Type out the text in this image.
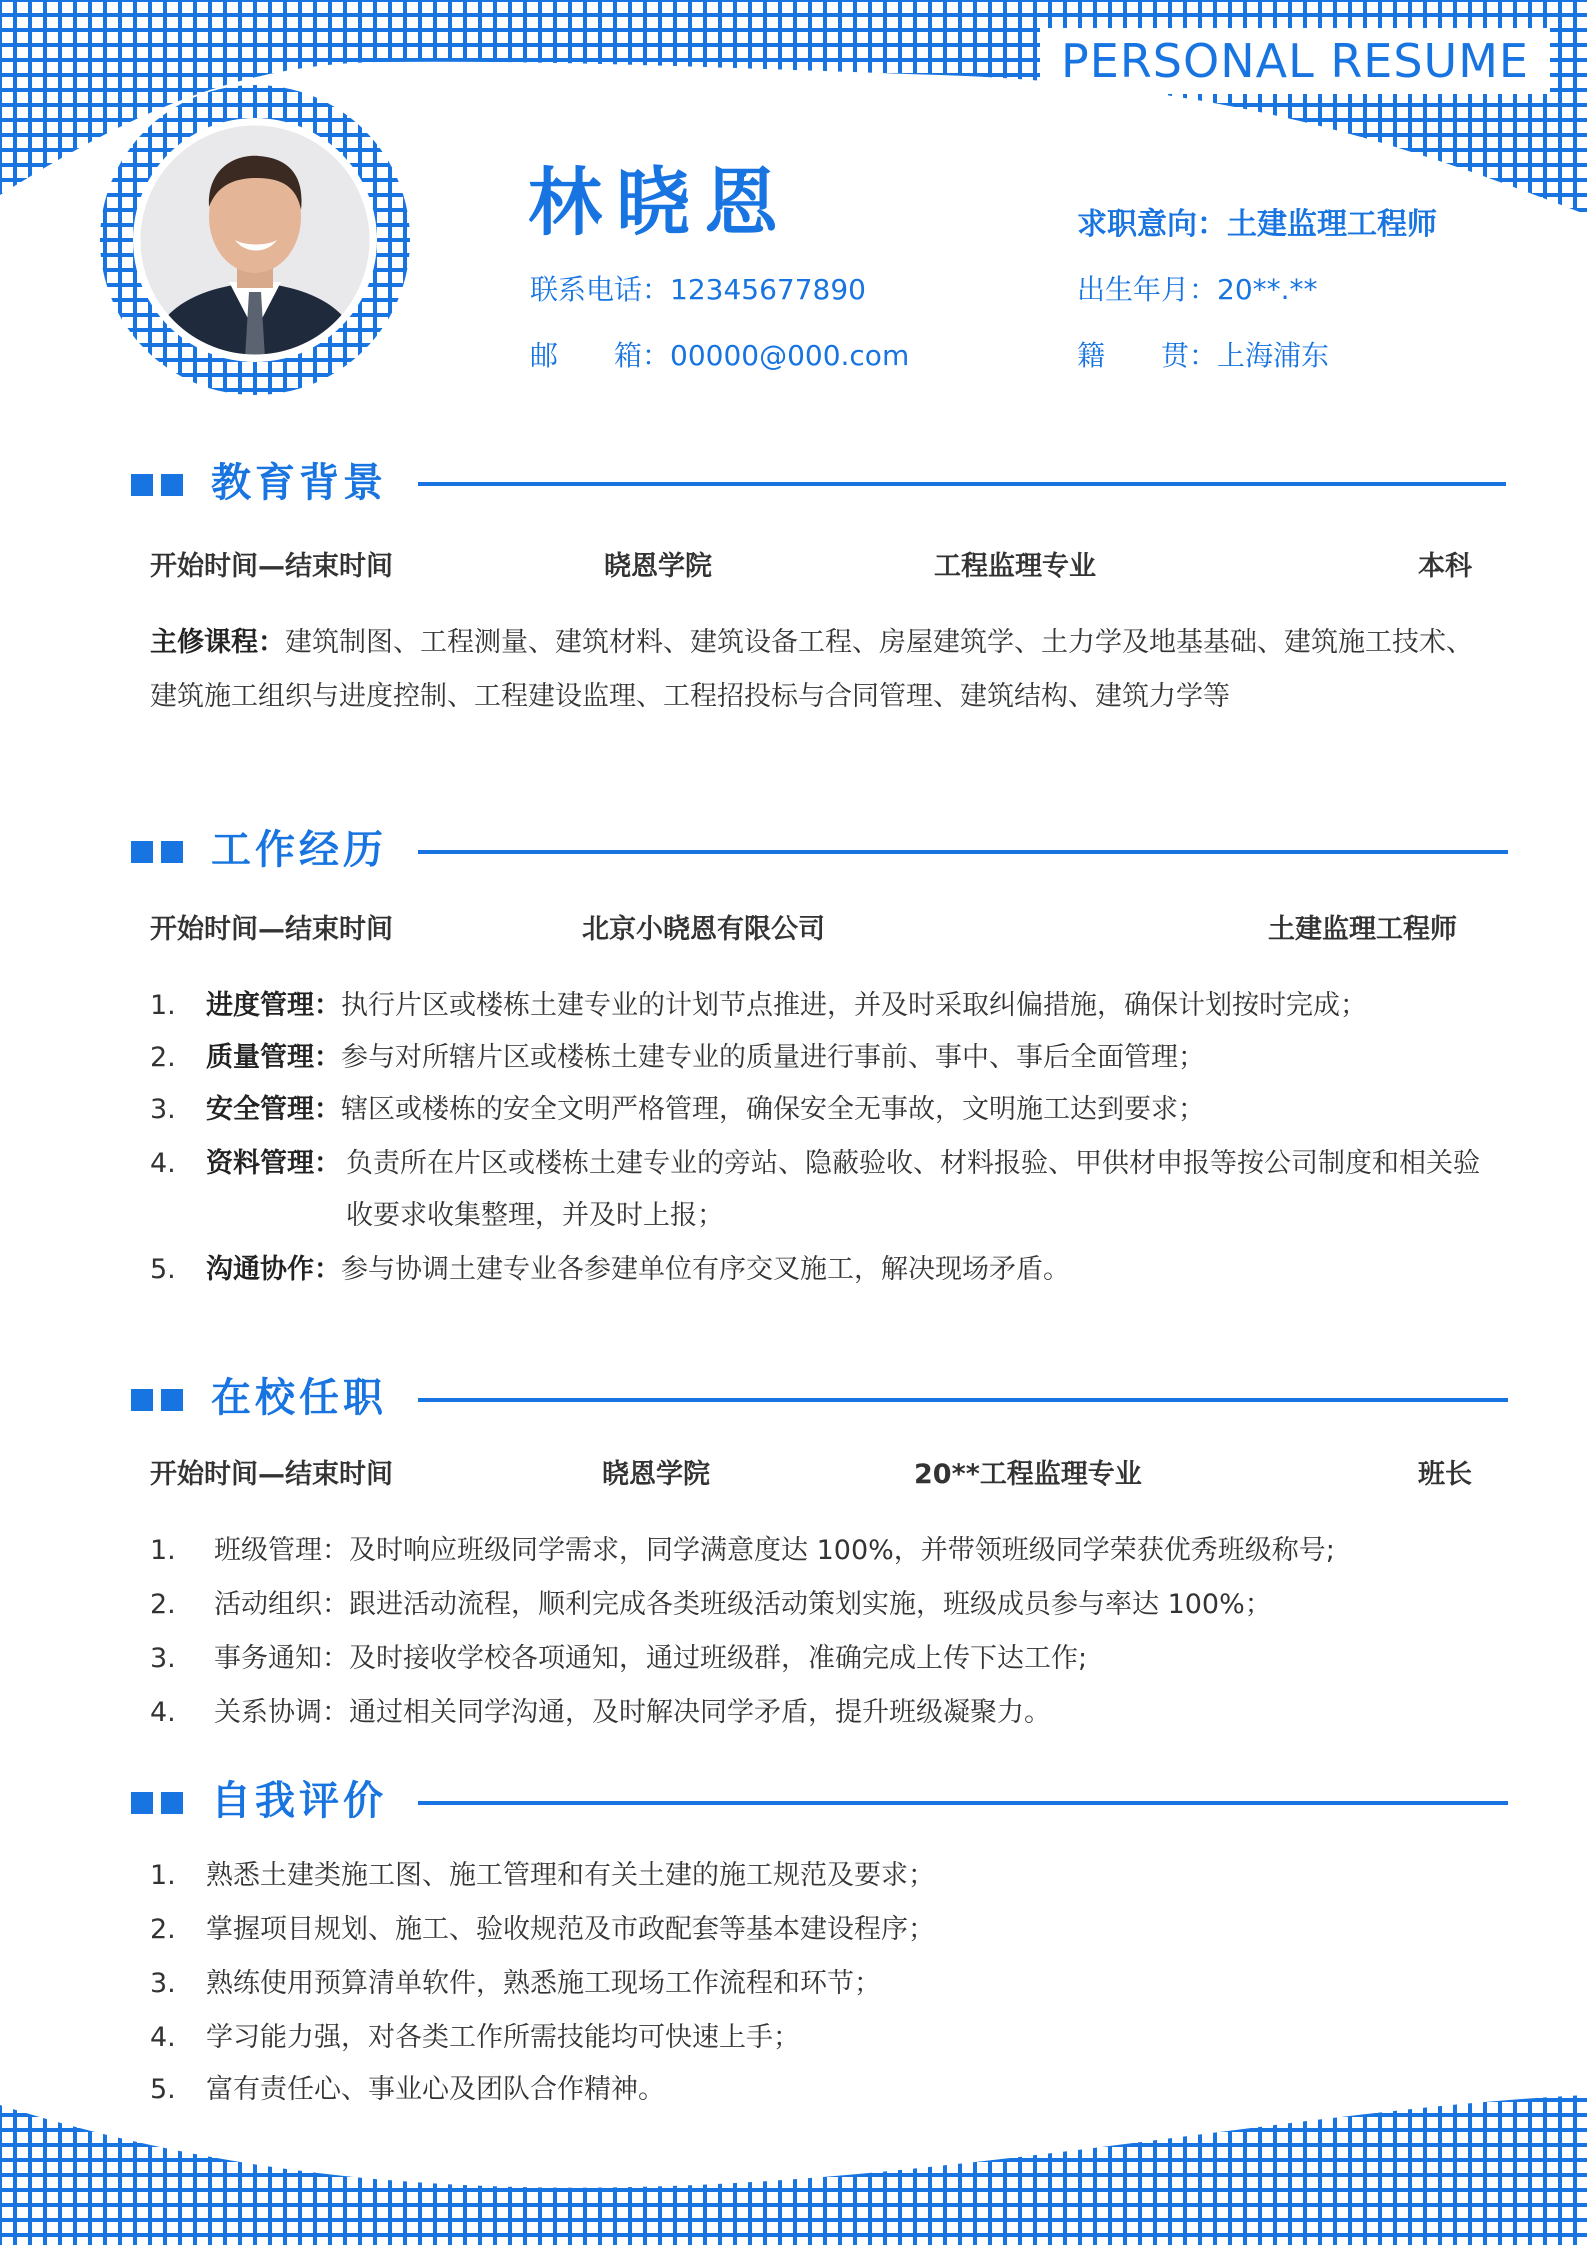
PERSONAL RESUME
林晓恩
联系电话：12345677890
邮　　箱：00000@000.com
求职意向：土建监理工程师
出生年月：20**.**
籍　　贯：上海浦东
教育背景
开始时间—结束时间	晓恩学院	工程监理专业	本科
主修课程：建筑制图、工程测量、建筑材料、建筑设备工程、房屋建筑学、土力学及地基基础、建筑施工技术、建筑施工组织与进度控制、工程建设监理、工程招投标与合同管理、建筑结构、建筑力学等
工作经历
开始时间—结束时间	北京小晓恩有限公司	土建监理工程师
1. 进度管理：执行片区或楼栋土建专业的计划节点推进，并及时采取纠偏措施，确保计划按时完成；
2. 质量管理：参与对所辖片区或楼栋土建专业的质量进行事前、事中、事后全面管理；
3. 安全管理：辖区或楼栋的安全文明严格管理，确保安全无事故，文明施工达到要求；
4. 资料管理： 负责所在片区或楼栋土建专业的旁站、隐蔽验收、材料报验、甲供材申报等按公司制度和相关验收要求收集整理，并及时上报；
5. 沟通协作：参与协调土建专业各参建单位有序交叉施工，解决现场矛盾。
在校任职
开始时间—结束时间	晓恩学院	20**工程监理专业	班长
1. 班级管理：及时响应班级同学需求，同学满意度达 100%，并带领班级同学荣获优秀班级称号;
2. 活动组织：跟进活动流程，顺利完成各类班级活动策划实施，班级成员参与率达 100%；
3. 事务通知：及时接收学校各项通知，通过班级群，准确完成上传下达工作;
4. 关系协调：通过相关同学沟通，及时解决同学矛盾，提升班级凝聚力。
自我评价
1. 熟悉土建类施工图、施工管理和有关土建的施工规范及要求；
2. 掌握项目规划、施工、验收规范及市政配套等基本建设程序；
3. 熟练使用预算清单软件，熟悉施工现场工作流程和环节；
4. 学习能力强，对各类工作所需技能均可快速上手；
5. 富有责任心、事业心及团队合作精神。
